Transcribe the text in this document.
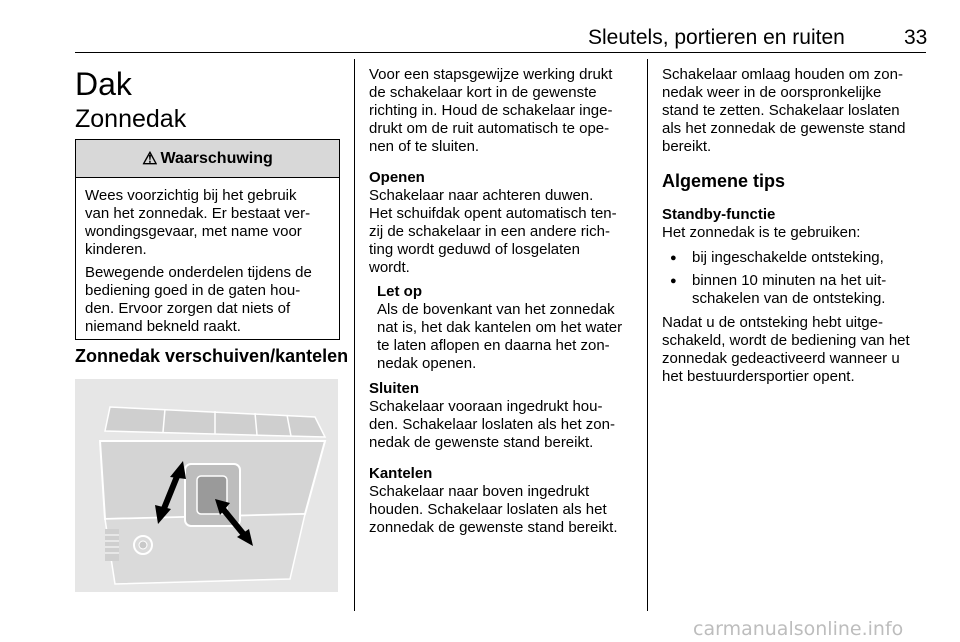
Sleutels, portieren en ruiten	33
Dak
Zonnedak
⚠ Waarschuwing

Wees voorzichtig bij het gebruik
van het zonnedak. Er bestaat ver-
wondingsgevaar, met name voor
kinderen.

Bewegende onderdelen tijdens de
bediening goed in de gaten hou-
den. Ervoor zorgen dat niets of
niemand bekneld raakt.

Zonnedak verschuiven/kantelen

Voor een stapsgewijze werking drukt
de schakelaar kort in de gewenste
richting in. Houd de schakelaar inge-
drukt om de ruit automatisch te ope-
nen of te sluiten.

Openen

Schakelaar naar achteren duwen.
Het schuifdak opent automatisch ten-
zij de schakelaar in een andere rich-
ting wordt geduwd of losgelaten
wordt.

Let op

Als de bovenkant van het zonnedak
nat is, het dak kantelen om het water
te laten aflopen en daarna het zon-
nedak openen.

Sluiten

Schakelaar vooraan ingedrukt hou-
den. Schakelaar loslaten als het zon-
nedak de gewenste stand bereikt.

Kantelen

Schakelaar naar boven ingedrukt
houden. Schakelaar loslaten als het
zonnedak de gewenste stand bereikt.

Schakelaar omlaag houden om zon-
nedak weer in de oorspronkelijke
stand te zetten. Schakelaar loslaten
als het zonnedak de gewenste stand
bereikt.

Algemene tips

Standby-functie

Het zonnedak is te gebruiken:

● bij ingeschakelde ontsteking,
● binnen 10 minuten na het uit-
schakelen van de ontsteking.

Nadat u de ontsteking hebt uitge-
schakeld, wordt de bediening van het
zonnedak gedeactiveerd wanneer u
het bestuurdersportier opent.

carmanualsonline.info
